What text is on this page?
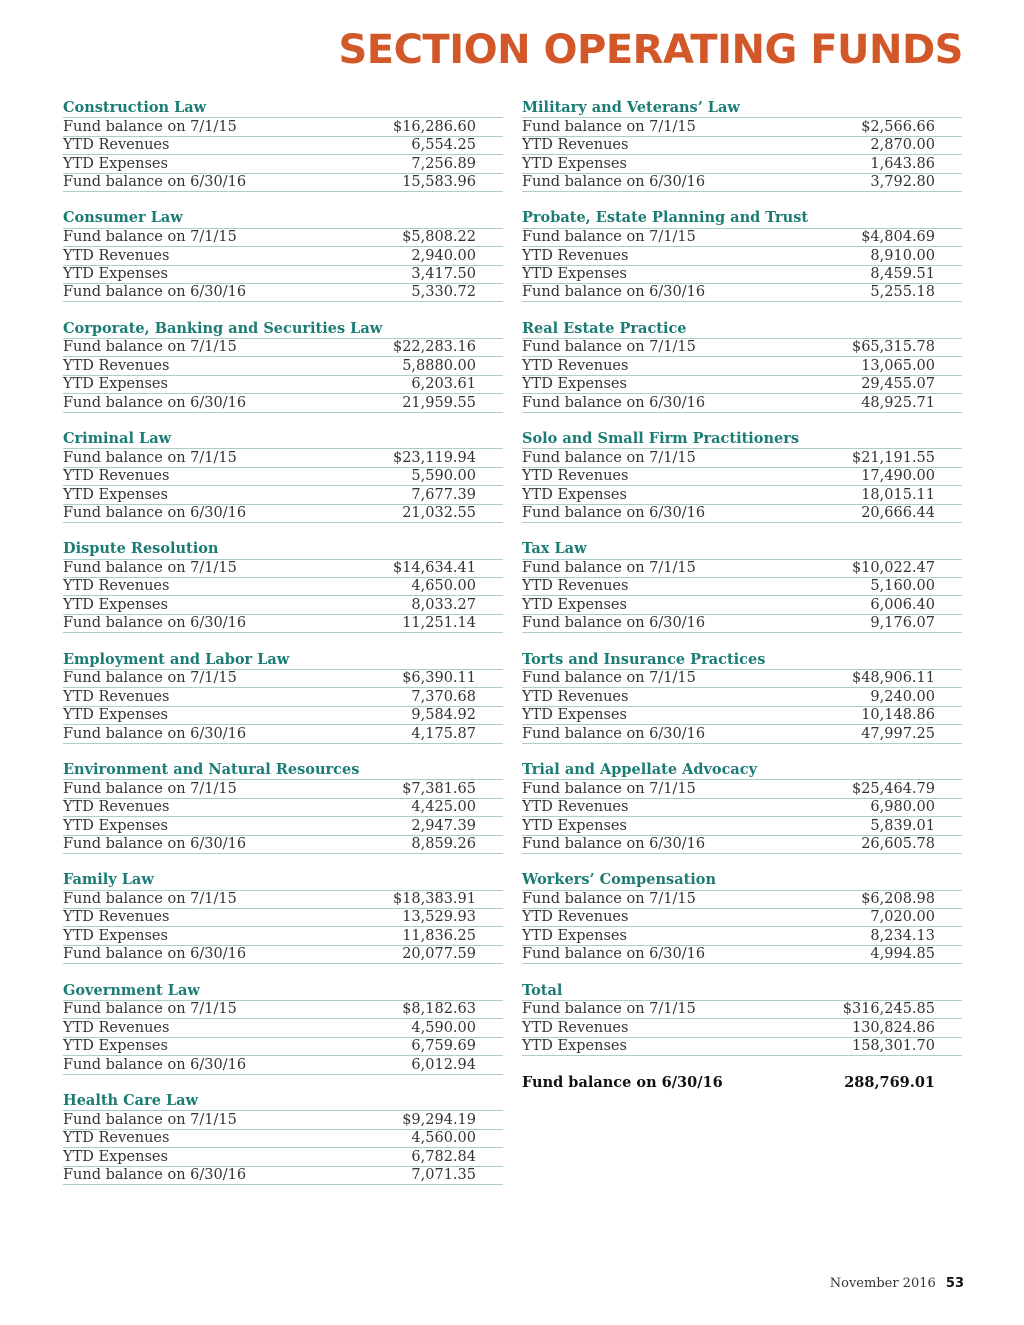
SECTION OPERATING FUNDS
Construction Law
Fund balance on 7/1/15	$16,286.60
YTD Revenues	6,554.25
YTD Expenses	7,256.89
Fund balance on 6/30/16	15,583.96
Consumer Law
Fund balance on 7/1/15	$5,808.22
YTD Revenues	2,940.00
YTD Expenses	3,417.50
Fund balance on 6/30/16	5,330.72
Corporate, Banking and Securities Law
Fund balance on 7/1/15	$22,283.16
YTD Revenues	5,8880.00
YTD Expenses	6,203.61
Fund balance on 6/30/16	21,959.55
Criminal Law
Fund balance on 7/1/15	$23,119.94
YTD Revenues	5,590.00
YTD Expenses	7,677.39
Fund balance on 6/30/16	21,032.55
Dispute Resolution
Fund balance on 7/1/15	$14,634.41
YTD Revenues	4,650.00
YTD Expenses	8,033.27
Fund balance on 6/30/16	11,251.14
Employment and Labor Law
Fund balance on 7/1/15	$6,390.11
YTD Revenues	7,370.68
YTD Expenses	9,584.92
Fund balance on 6/30/16	4,175.87
Environment and Natural Resources
Fund balance on 7/1/15	$7,381.65
YTD Revenues	4,425.00
YTD Expenses	2,947.39
Fund balance on 6/30/16	8,859.26
Family Law
Fund balance on 7/1/15	$18,383.91
YTD Revenues	13,529.93
YTD Expenses	11,836.25
Fund balance on 6/30/16	20,077.59
Government Law
Fund balance on 7/1/15	$8,182.63
YTD Revenues	4,590.00
YTD Expenses	6,759.69
Fund balance on 6/30/16	6,012.94
Health Care Law
Fund balance on 7/1/15	$9,294.19
YTD Revenues	4,560.00
YTD Expenses	6,782.84
Fund balance on 6/30/16	7,071.35
Military and Veterans’ Law
Fund balance on 7/1/15	$2,566.66
YTD Revenues	2,870.00
YTD Expenses	1,643.86
Fund balance on 6/30/16	3,792.80
Probate, Estate Planning and Trust
Fund balance on 7/1/15	$4,804.69
YTD Revenues	8,910.00
YTD Expenses	8,459.51
Fund balance on 6/30/16	5,255.18
Real Estate Practice
Fund balance on 7/1/15	$65,315.78
YTD Revenues	13,065.00
YTD Expenses	29,455.07
Fund balance on 6/30/16	48,925.71
Solo and Small Firm Practitioners
Fund balance on 7/1/15	$21,191.55
YTD Revenues	17,490.00
YTD Expenses	18,015.11
Fund balance on 6/30/16	20,666.44
Tax Law
Fund balance on 7/1/15	$10,022.47
YTD Revenues	5,160.00
YTD Expenses	6,006.40
Fund balance on 6/30/16	9,176.07
Torts and Insurance Practices
Fund balance on 7/1/15	$48,906.11
YTD Revenues	9,240.00
YTD Expenses	10,148.86
Fund balance on 6/30/16	47,997.25
Trial and Appellate Advocacy
Fund balance on 7/1/15	$25,464.79
YTD Revenues	6,980.00
YTD Expenses	5,839.01
Fund balance on 6/30/16	26,605.78
Workers’ Compensation
Fund balance on 7/1/15	$6,208.98
YTD Revenues	7,020.00
YTD Expenses	8,234.13
Fund balance on 6/30/16	4,994.85
Total
Fund balance on 7/1/15	$316,245.85
YTD Revenues	130,824.86
YTD Expenses	158,301.70
Fund balance on 6/30/16	288,769.01
November 2016 53
